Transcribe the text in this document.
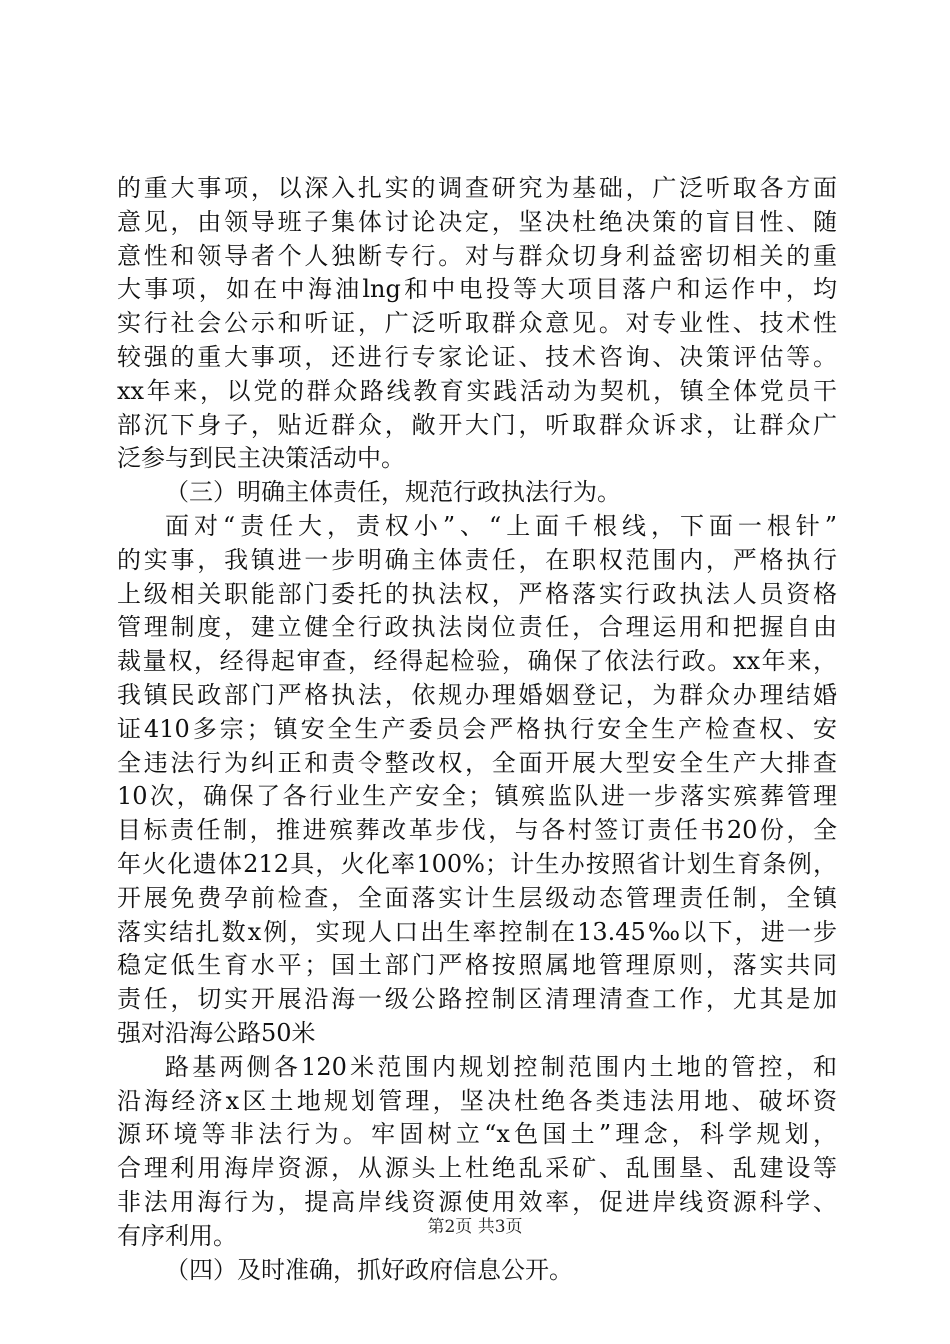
的重大事项，以深入扎实的调查研究为基础，广泛听取各方面
意见，由领导班子集体讨论决定，坚决杜绝决策的盲目性、随
意性和领导者个人独断专行。对与群众切身利益密切相关的重
大事项，如在中海油lng和中电投等大项目落户和运作中，均
实行社会公示和听证，广泛听取群众意见。对专业性、技术性
较强的重大事项，还进行专家论证、技术咨询、决策评估等。
xx年来，以党的群众路线教育实践活动为契机，镇全体党员干
部沉下身子，贴近群众，敞开大门，听取群众诉求，让群众广
泛参与到民主决策活动中。
（三）明确主体责任，规范行政执法行为。
面对“责任大，责权小”、“上面千根线，下面一根针”
的实事，我镇进一步明确主体责任，在职权范围内，严格执行
上级相关职能部门委托的执法权，严格落实行政执法人员资格
管理制度，建立健全行政执法岗位责任，合理运用和把握自由
裁量权，经得起审查，经得起检验，确保了依法行政。xx年来，
我镇民政部门严格执法，依规办理婚姻登记，为群众办理结婚
证410多宗；镇安全生产委员会严格执行安全生产检查权、安
全违法行为纠正和责令整改权，全面开展大型安全生产大排查
10次，确保了各行业生产安全；镇殡监队进一步落实殡葬管理
目标责任制，推进殡葬改革步伐，与各村签订责任书20份，全
年火化遗体212具，火化率100%；计生办按照省计划生育条例，
开展免费孕前检查，全面落实计生层级动态管理责任制，全镇
落实结扎数x例，实现人口出生率控制在13.45‰以下，进一步
稳定低生育水平；国土部门严格按照属地管理原则，落实共同
责任，切实开展沿海一级公路控制区清理清查工作，尤其是加
强对沿海公路50米
路基两侧各120米范围内规划控制范围内土地的管控，和
沿海经济x区土地规划管理，坚决杜绝各类违法用地、破坏资
源环境等非法行为。牢固树立“x色国土”理念，科学规划，
合理利用海岸资源，从源头上杜绝乱采矿、乱围垦、乱建设等
非法用海行为，提高岸线资源使用效率，促进岸线资源科学、
有序利用。
（四）及时准确，抓好政府信息公开。
第2页 共3页
